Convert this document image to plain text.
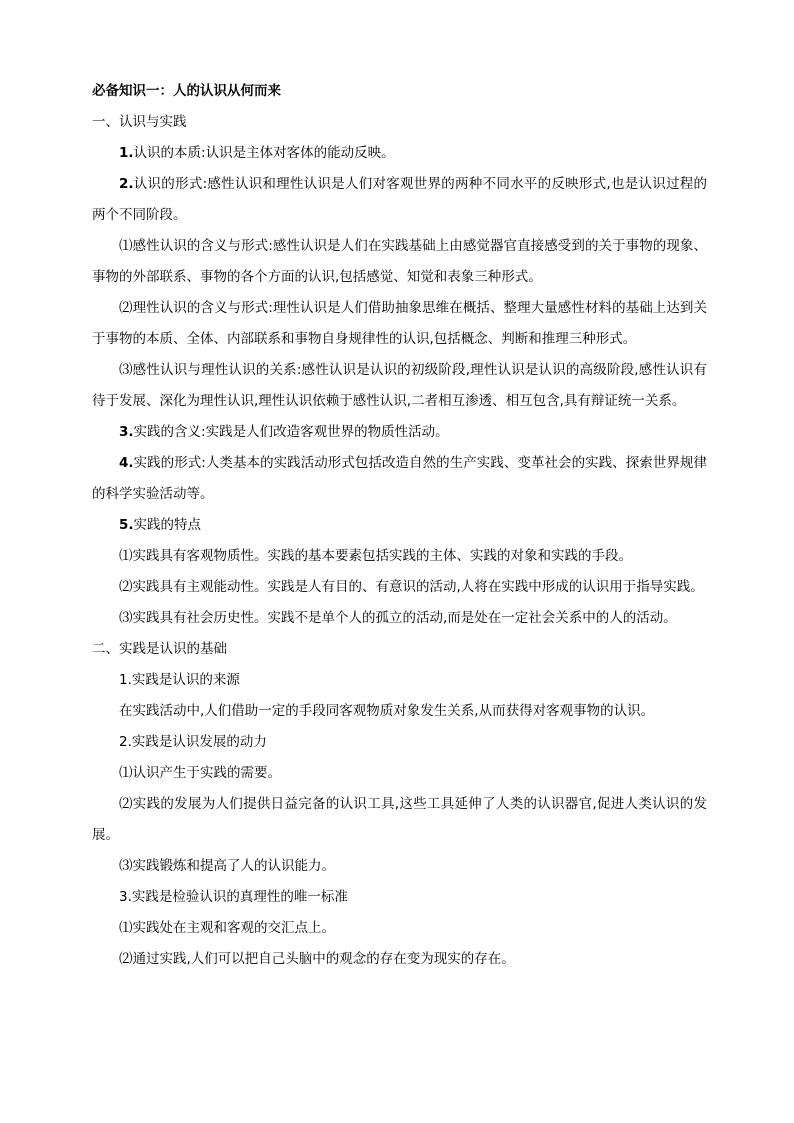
必备知识一：人的认识从何而来
一、认识与实践
1.认识的本质:认识是主体对客体的能动反映。
2.认识的形式:感性认识和理性认识是人们对客观世界的两种不同水平的反映形式,也是认识过程的两个不同阶段。
⑴感性认识的含义与形式:感性认识是人们在实践基础上由感觉器官直接感受到的关于事物的现象、事物的外部联系、事物的各个方面的认识,包括感觉、知觉和表象三种形式。
⑵理性认识的含义与形式:理性认识是人们借助抽象思维在概括、整理大量感性材料的基础上达到关于事物的本质、全体、内部联系和事物自身规律性的认识,包括概念、判断和推理三种形式。
⑶感性认识与理性认识的关系:感性认识是认识的初级阶段,理性认识是认识的高级阶段,感性认识有待于发展、深化为理性认识,理性认识依赖于感性认识,二者相互渗透、相互包含,具有辩证统一关系。
3.实践的含义:实践是人们改造客观世界的物质性活动。
4.实践的形式:人类基本的实践活动形式包括改造自然的生产实践、变革社会的实践、探索世界规律的科学实验活动等。
5.实践的特点
⑴实践具有客观物质性。实践的基本要素包括实践的主体、实践的对象和实践的手段。
⑵实践具有主观能动性。实践是人有目的、有意识的活动,人将在实践中形成的认识用于指导实践。
⑶实践具有社会历史性。实践不是单个人的孤立的活动,而是处在一定社会关系中的人的活动。
二、实践是认识的基础
1.实践是认识的来源
在实践活动中,人们借助一定的手段同客观物质对象发生关系,从而获得对客观事物的认识。
2.实践是认识发展的动力
⑴认识产生于实践的需要。
⑵实践的发展为人们提供日益完备的认识工具,这些工具延伸了人类的认识器官,促进人类认识的发展。
⑶实践锻炼和提高了人的认识能力。
3.实践是检验认识的真理性的唯一标准
⑴实践处在主观和客观的交汇点上。
⑵通过实践,人们可以把自己头脑中的观念的存在变为现实的存在。
